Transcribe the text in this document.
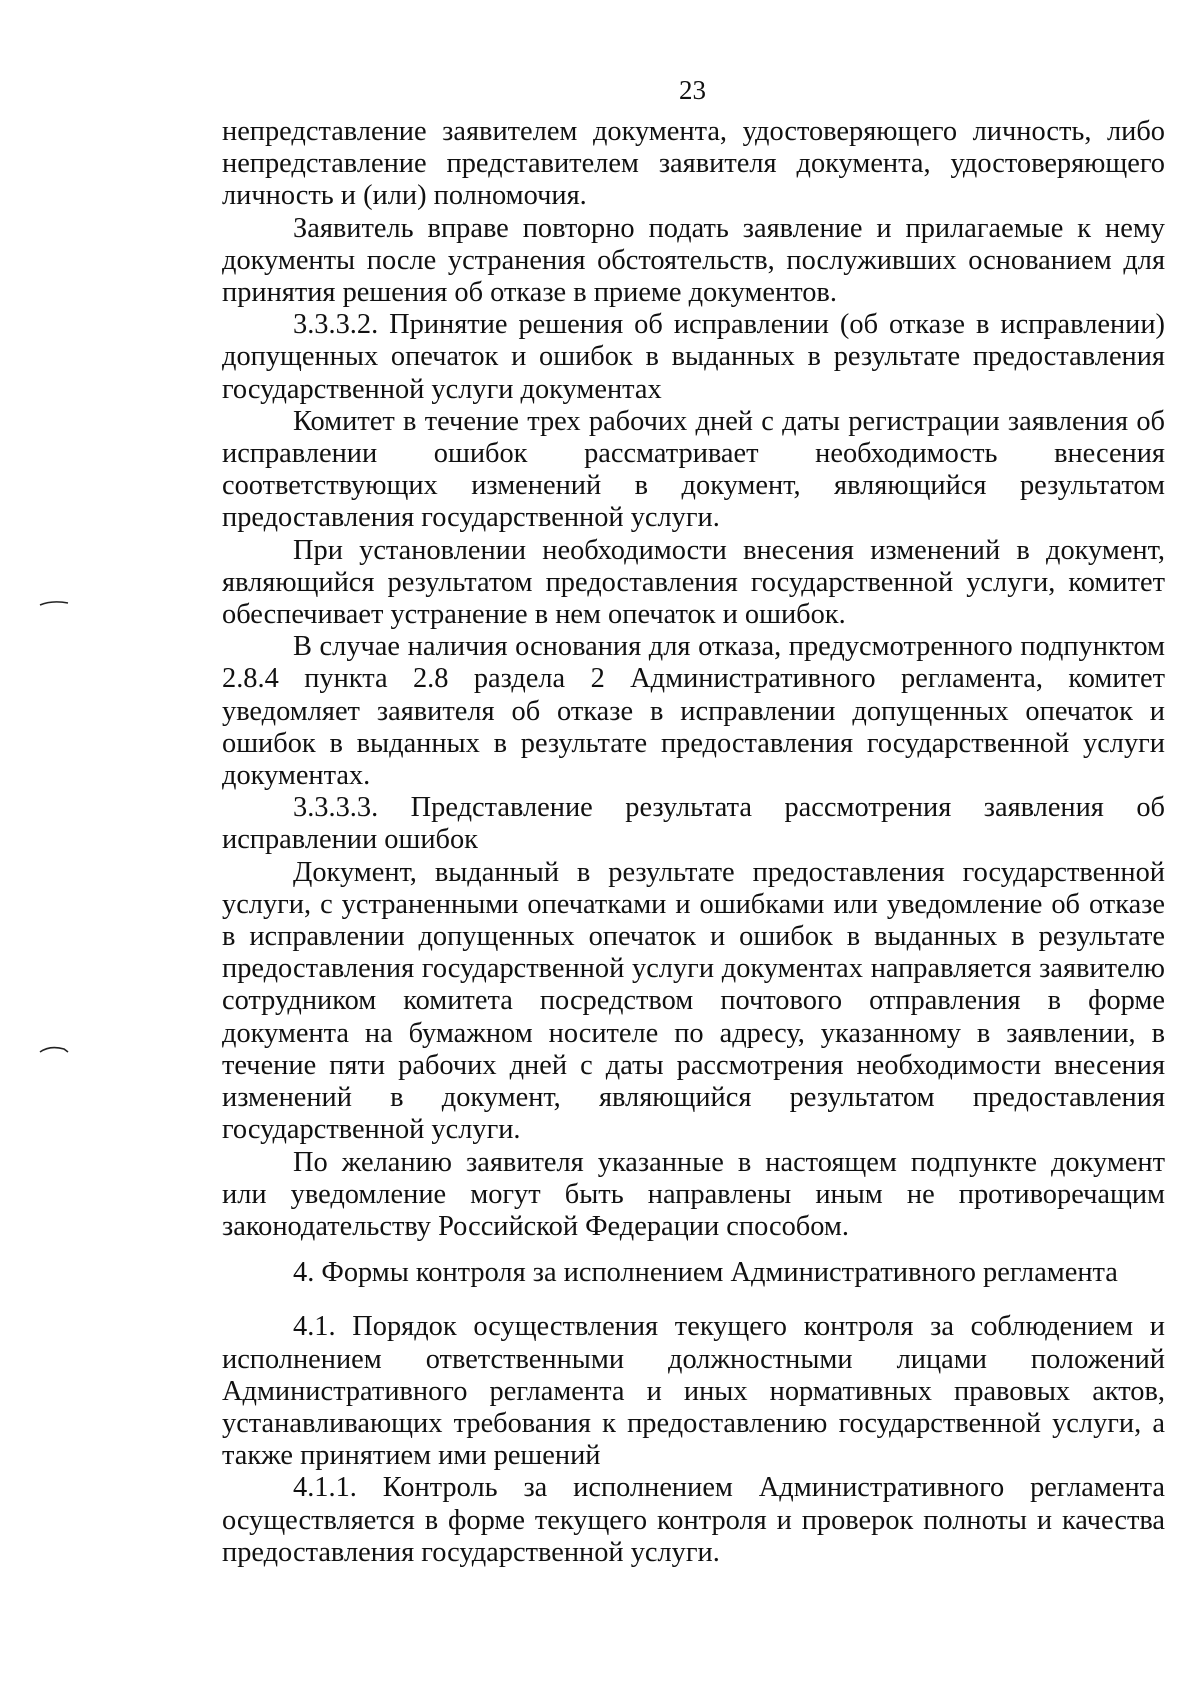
23

непредставление заявителем документа, удостоверяющего личность, либо непредставление представителем заявителя документа, удостоверяющего личность и (или) полномочия.

Заявитель вправе повторно подать заявление и прилагаемые к нему документы после устранения обстоятельств, послуживших основанием для принятия решения об отказе в приеме документов.

3.3.3.2. Принятие решения об исправлении (об отказе в исправлении) допущенных опечаток и ошибок в выданных в результате предоставления государственной услуги документах

Комитет в течение трех рабочих дней с даты регистрации заявления об исправлении ошибок рассматривает необходимость внесения соответствующих изменений в документ, являющийся результатом предоставления государственной услуги.

При установлении необходимости внесения изменений в документ, являющийся результатом предоставления государственной услуги, комитет обеспечивает устранение в нем опечаток и ошибок.

В случае наличия основания для отказа, предусмотренного подпунктом 2.8.4 пункта 2.8 раздела 2 Административного регламента, комитет уведомляет заявителя об отказе в исправлении допущенных опечаток и ошибок в выданных в результате предоставления государственной услуги документах.

3.3.3.3. Представление результата рассмотрения заявления об исправлении ошибок

Документ, выданный в результате предоставления государственной услуги, с устраненными опечатками и ошибками или уведомление об отказе в исправлении допущенных опечаток и ошибок в выданных в результате предоставления государственной услуги документах направляется заявителю сотрудником комитета посредством почтового отправления в форме документа на бумажном носителе по адресу, указанному в заявлении, в течение пяти рабочих дней с даты рассмотрения необходимости внесения изменений в документ, являющийся результатом предоставления государственной услуги.

По желанию заявителя указанные в настоящем подпункте документ или уведомление могут быть направлены иным не противоречащим законодательству Российской Федерации способом.

4. Формы контроля за исполнением Административного регламента

4.1. Порядок осуществления текущего контроля за соблюдением и исполнением ответственными должностными лицами положений Административного регламента и иных нормативных правовых актов, устанавливающих требования к предоставлению государственной услуги, а также принятием ими решений

4.1.1. Контроль за исполнением Административного регламента осуществляется в форме текущего контроля и проверок полноты и качества предоставления государственной услуги.
